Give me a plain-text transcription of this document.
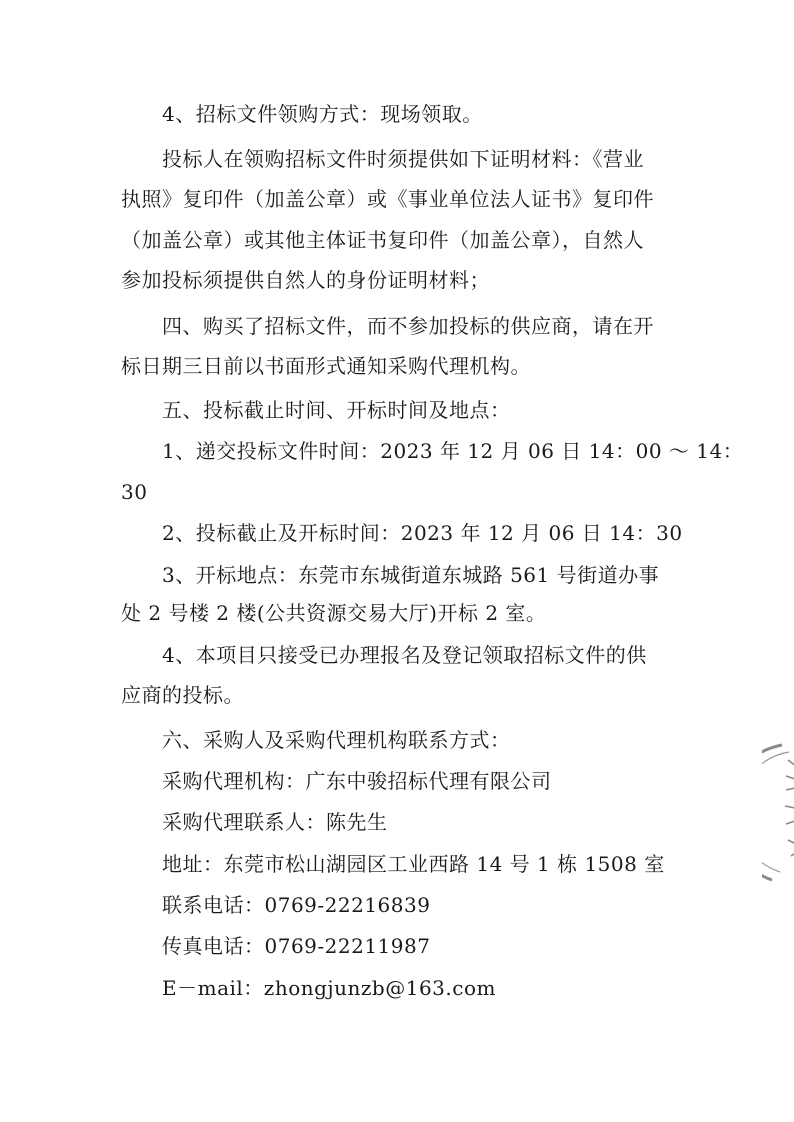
4、招标文件领购方式：现场领取。

投标人在领购招标文件时须提供如下证明材料：《营业

执照》复印件（加盖公章）或《事业单位法人证书》复印件

（加盖公章）或其他主体证书复印件（加盖公章），自然人

参加投标须提供自然人的身份证明材料；

四、购买了招标文件，而不参加投标的供应商，请在开

标日期三日前以书面形式通知采购代理机构。

五、投标截止时间、开标时间及地点：

1、递交投标文件时间：2023 年 12 月 06 日 14：00 ～ 14：

30

2、投标截止及开标时间：2023 年 12 月 06 日 14：30

3、开标地点：东莞市东城街道东城路 561 号街道办事

处 2 号楼 2 楼(公共资源交易大厅)开标 2 室。

4、本项目只接受已办理报名及登记领取招标文件的供

应商的投标。

六、采购人及采购代理机构联系方式：

采购代理机构：广东中骏招标代理有限公司

采购代理联系人：陈先生

地址：东莞市松山湖园区工业西路 14 号 1 栋 1508 室

联系电话：0769-22216839

传真电话：0769-22211987

E－mail：zhongjunzb@163.com
